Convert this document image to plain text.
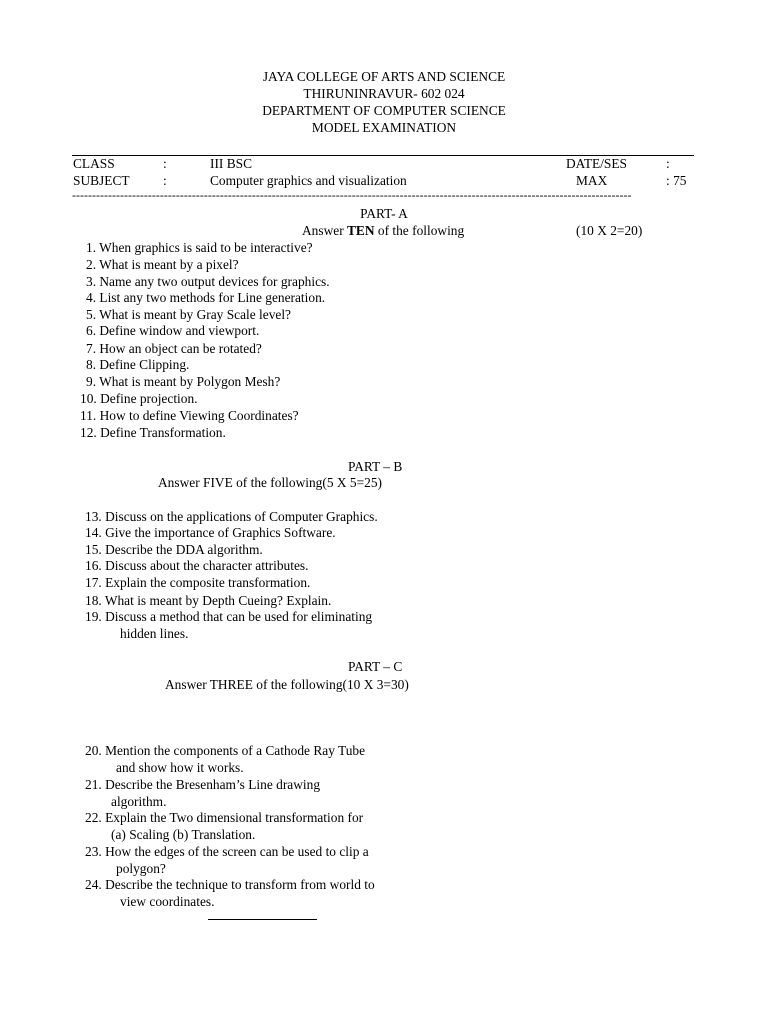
JAYA COLLEGE OF ARTS AND SCIENCE
THIRUNINRAVUR- 602 024
DEPARTMENT OF COMPUTER SCIENCE
MODEL EXAMINATION
CLASS	:	III BSC	DATE/SES	:
SUBJECT :	Computer graphics and visualization	MAX	: 75
--------------------------------------------------------------------------------------------------------------------------------------------
PART- A
Answer TEN of the following	(10 X 2=20)
1. When graphics is said to be interactive?
2. What is meant by a pixel?
3. Name any two output devices for graphics.
4. List any two methods for Line generation.
5. What is meant by Gray Scale level?
6. Define window and viewport.
7. How an object can be rotated?
8. Define Clipping.
9. What is meant by Polygon Mesh?
10. Define projection.
11. How to define Viewing Coordinates?
12. Define Transformation.
PART – B
Answer FIVE of the following(5 X 5=25)
13. Discuss on the applications of Computer Graphics.
14. Give the importance of Graphics Software.
15. Describe the DDA algorithm.
16. Discuss about the character attributes.
17. Explain the composite transformation.
18. What is meant by Depth Cueing? Explain.
19. Discuss a method that can be used for eliminating
hidden lines.
PART – C
Answer THREE of the following(10 X 3=30)
20. Mention the components of a Cathode Ray Tube
and show how it works.
21. Describe the Bresenham’s Line drawing
algorithm.
22. Explain the Two dimensional transformation for
(a) Scaling (b) Translation.
23. How the edges of the screen can be used to clip a
polygon?
24. Describe the technique to transform from world to
view coordinates.
